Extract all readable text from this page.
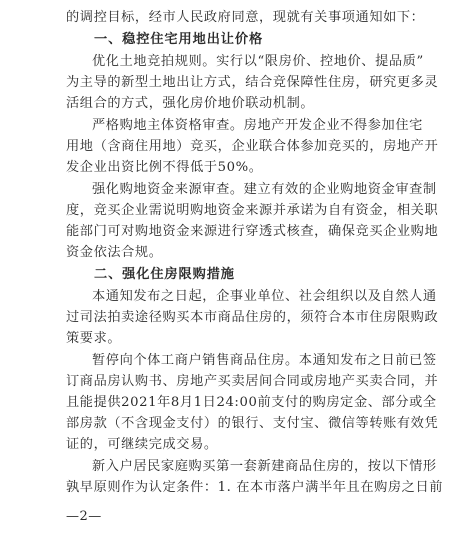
的调控目标，经市人民政府同意，现就有关事项通知如下：
一、稳控住宅用地出让价格
优化土地竞拍规则。实行以“限房价、控地价、提品质”
为主导的新型土地出让方式，结合竞保障性住房，研究更多灵
活组合的方式，强化房价地价联动机制。
严格购地主体资格审查。房地产开发企业不得参加住宅
用地（含商住用地）竞买，企业联合体参加竞买的，房地产开
发企业出资比例不得低于50%。
强化购地资金来源审查。建立有效的企业购地资金审查制
度，竞买企业需说明购地资金来源并承诺为自有资金，相关职
能部门可对购地资金来源进行穿透式核查，确保竞买企业购地
资金依法合规。
二、强化住房限购措施
本通知发布之日起，企事业单位、社会组织以及自然人通
过司法拍卖途径购买本市商品住房的，须符合本市住房限购政
策要求。
暂停向个体工商户销售商品住房。本通知发布之日前已签
订商品房认购书、房地产买卖居间合同或房地产买卖合同，并
且能提供2021年8月1日24:00前支付的购房定金、部分或全
部房款（不含现金支付）的银行、支付宝、微信等转账有效凭
证的，可继续完成交易。
新入户居民家庭购买第一套新建商品住房的，按以下情形
孰早原则作为认定条件：1. 在本市落户满半年且在购房之日前
—2—
